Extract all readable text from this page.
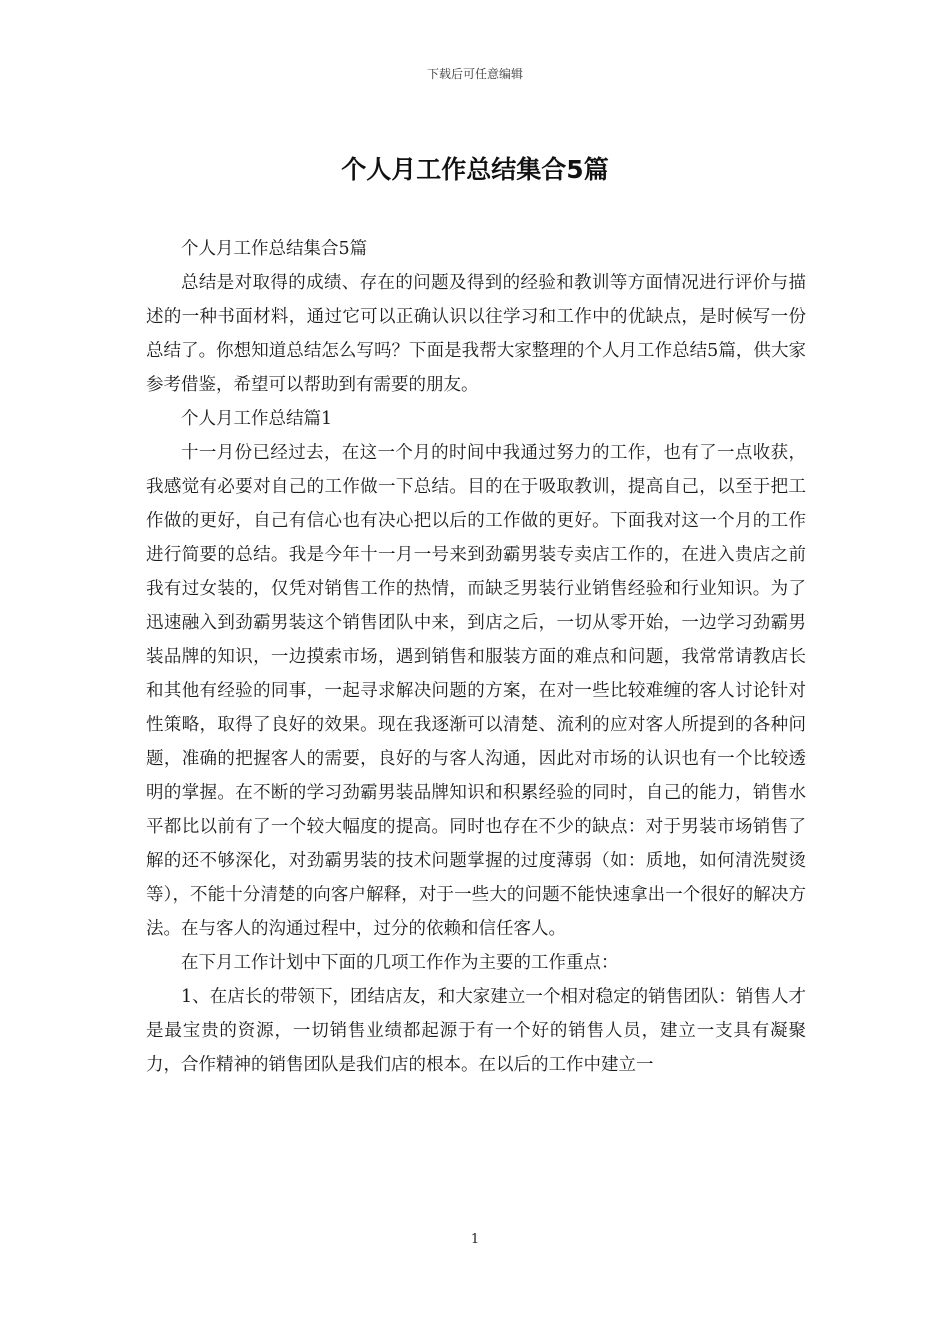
下载后可任意编辑
个人月工作总结集合5篇

个人月工作总结集合5篇

总结是对取得的成绩、存在的问题及得到的经验和教训等方面情况进行评价与描述的一种书面材料，通过它可以正确认识以往学习和工作中的优缺点，是时候写一份总结了。你想知道总结怎么写吗？下面是我帮大家整理的个人月工作总结5篇，供大家参考借鉴，希望可以帮助到有需要的朋友。

个人月工作总结篇1

十一月份已经过去，在这一个月的时间中我通过努力的工作，也有了一点收获，我感觉有必要对自己的工作做一下总结。目的在于吸取教训，提高自己，以至于把工作做的更好，自己有信心也有决心把以后的工作做的更好。下面我对这一个月的工作进行简要的总结。我是今年十一月一号来到劲霸男装专卖店工作的，在进入贵店之前我有过女装的，仅凭对销售工作的热情，而缺乏男装行业销售经验和行业知识。为了迅速融入到劲霸男装这个销售团队中来，到店之后，一切从零开始，一边学习劲霸男装品牌的知识，一边摸索市场，遇到销售和服装方面的难点和问题，我常常请教店长和其他有经验的同事，一起寻求解决问题的方案，在对一些比较难缠的客人讨论针对性策略，取得了良好的效果。现在我逐渐可以清楚、流利的应对客人所提到的各种问题，准确的把握客人的需要，良好的与客人沟通，因此对市场的认识也有一个比较透明的掌握。在不断的学习劲霸男装品牌知识和积累经验的同时，自己的能力，销售水平都比以前有了一个较大幅度的提高。同时也存在不少的缺点：对于男装市场销售了解的还不够深化，对劲霸男装的技术问题掌握的过度薄弱（如：质地，如何清洗熨烫等），不能十分清楚的向客户解释，对于一些大的问题不能快速拿出一个很好的解决方法。在与客人的沟通过程中，过分的依赖和信任客人。

在下月工作计划中下面的几项工作作为主要的工作重点：

1、在店长的带领下，团结店友，和大家建立一个相对稳定的销售团队：销售人才是最宝贵的资源，一切销售业绩都起源于有一个好的销售人员，建立一支具有凝聚力，合作精神的销售团队是我们店的根本。在以后的工作中建立一

1
